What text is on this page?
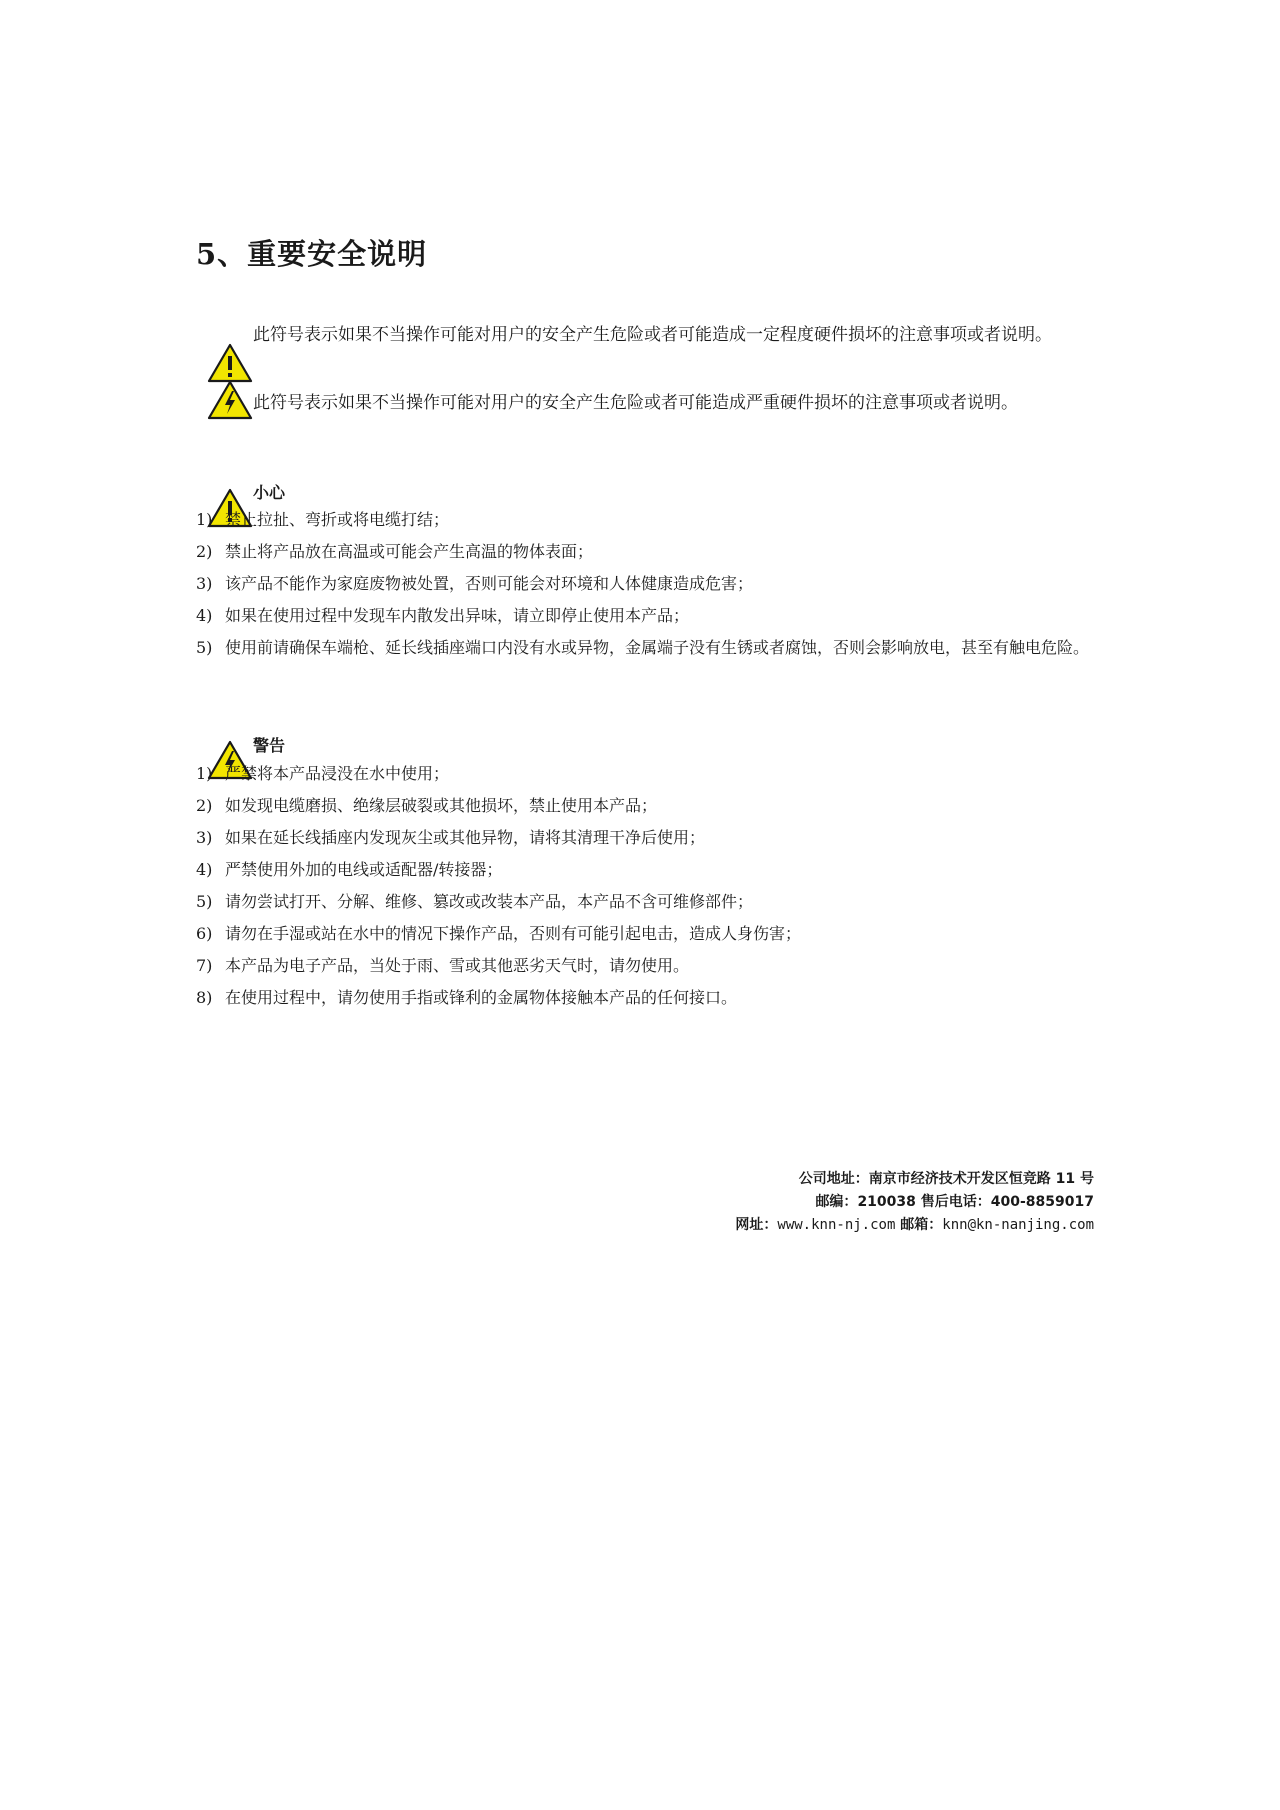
5、重要安全说明

此符号表示如果不当操作可能对用户的安全产生危险或者可能造成一定程度硬件损坏的注意事项或者说明。

此符号表示如果不当操作可能对用户的安全产生危险或者可能造成严重硬件损坏的注意事项或者说明。

小心

1) 禁止拉扯、弯折或将电缆打结；
2) 禁止将产品放在高温或可能会产生高温的物体表面；
3) 该产品不能作为家庭废物被处置，否则可能会对环境和人体健康造成危害；
4) 如果在使用过程中发现车内散发出异味，请立即停止使用本产品；
5) 使用前请确保车端枪、延长线插座端口内没有水或异物，金属端子没有生锈或者腐蚀，否则会影响放电，甚至有触电危险。

警告

1) 严禁将本产品浸没在水中使用；
2) 如发现电缆磨损、绝缘层破裂或其他损坏，禁止使用本产品；
3) 如果在延长线插座内发现灰尘或其他异物，请将其清理干净后使用；
4) 严禁使用外加的电线或适配器/转接器；
5) 请勿尝试打开、分解、维修、篡改或改装本产品，本产品不含可维修部件；
6) 请勿在手湿或站在水中的情况下操作产品，否则有可能引起电击，造成人身伤害；
7) 本产品为电子产品，当处于雨、雪或其他恶劣天气时，请勿使用。
8) 在使用过程中，请勿使用手指或锋利的金属物体接触本产品的任何接口。
公司地址：南京市经济技术开发区恒竞路 11 号
邮编：210038 售后电话：400-8859017
网址：www.knn-nj.com 邮箱：knn@kn-nanjing.com
